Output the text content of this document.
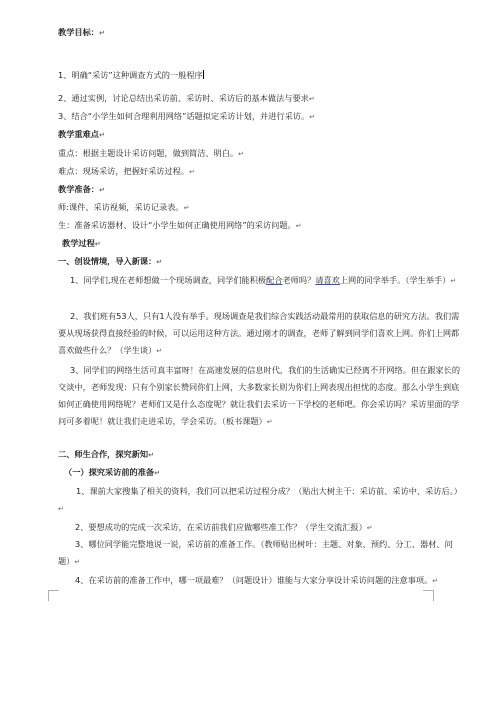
教学目标：↵
1、明确“采访”这种调查方式的一般程序
2、通过实例，讨论总结出采访前、采访时、采访后的基本做法与要求↵
3、结合“小学生如何合理利用网络”话题拟定采访计划，并进行采访。↵
教学重难点↵
重点：根据主题设计采访问题，做到简洁、明白。↵
难点：现场采访，把握好采访过程。↵
教学准备：↵
师:课件、采访视频，采访记录表。↵
生：准备采访器材、设计“小学生如何正确使用网络”的采访问题。↵
教学过程↵
一、创设情境，导入新课：↵
1、同学们,现在老师想做一个现场调查，同学们能积极配合老师吗？请喜欢上网的同学举手。（学生举手）↵
2、我们班有53人，只有1人没有举手。现场调查是我们综合实践活动最常用的获取信息的研究方法。我们需要从现场获得直接经验的时候，可以运用这种方法。通过刚才的调查，老师了解到同学们喜欢上网。你们上网都喜欢做些什么？（学生谈）↵
3、同学们的网络生活可真丰富呀！在高速发展的信息时代，我们的生活确实已经离不开网络。但在跟家长的交谈中，老师发现：只有个别家长赞同你们上网，大多数家长则为你们上网表现出担忧的态度。那么小学生到底如何正确使用网络呢？老师们又是什么态度呢？就让我们去采访一下学校的老师吧。你会采访吗？采访里面的学问可多着呢！就让我们走进采访，学会采访。（板书课题）↵
二、师生合作，探究新知↵
（一）探究采访前的准备↵
1、课前大家搜集了相关的资料，我们可以把采访过程分成？（贴出大树主干：采访前、采访中、采访后。）↵
2、要想成功的完成一次采访，在采访前我们应做哪些准工作？（学生交流汇报）↵
3、哪位同学能完整地说一说，采访前的准备工作。（教师贴出树叶：主题、对象、预约、分工、器材、问题）↵
4、在采访前的准备工作中，哪一项最难？（问题设计）谁能与大家分享设计采访问题的注意事项。↵
